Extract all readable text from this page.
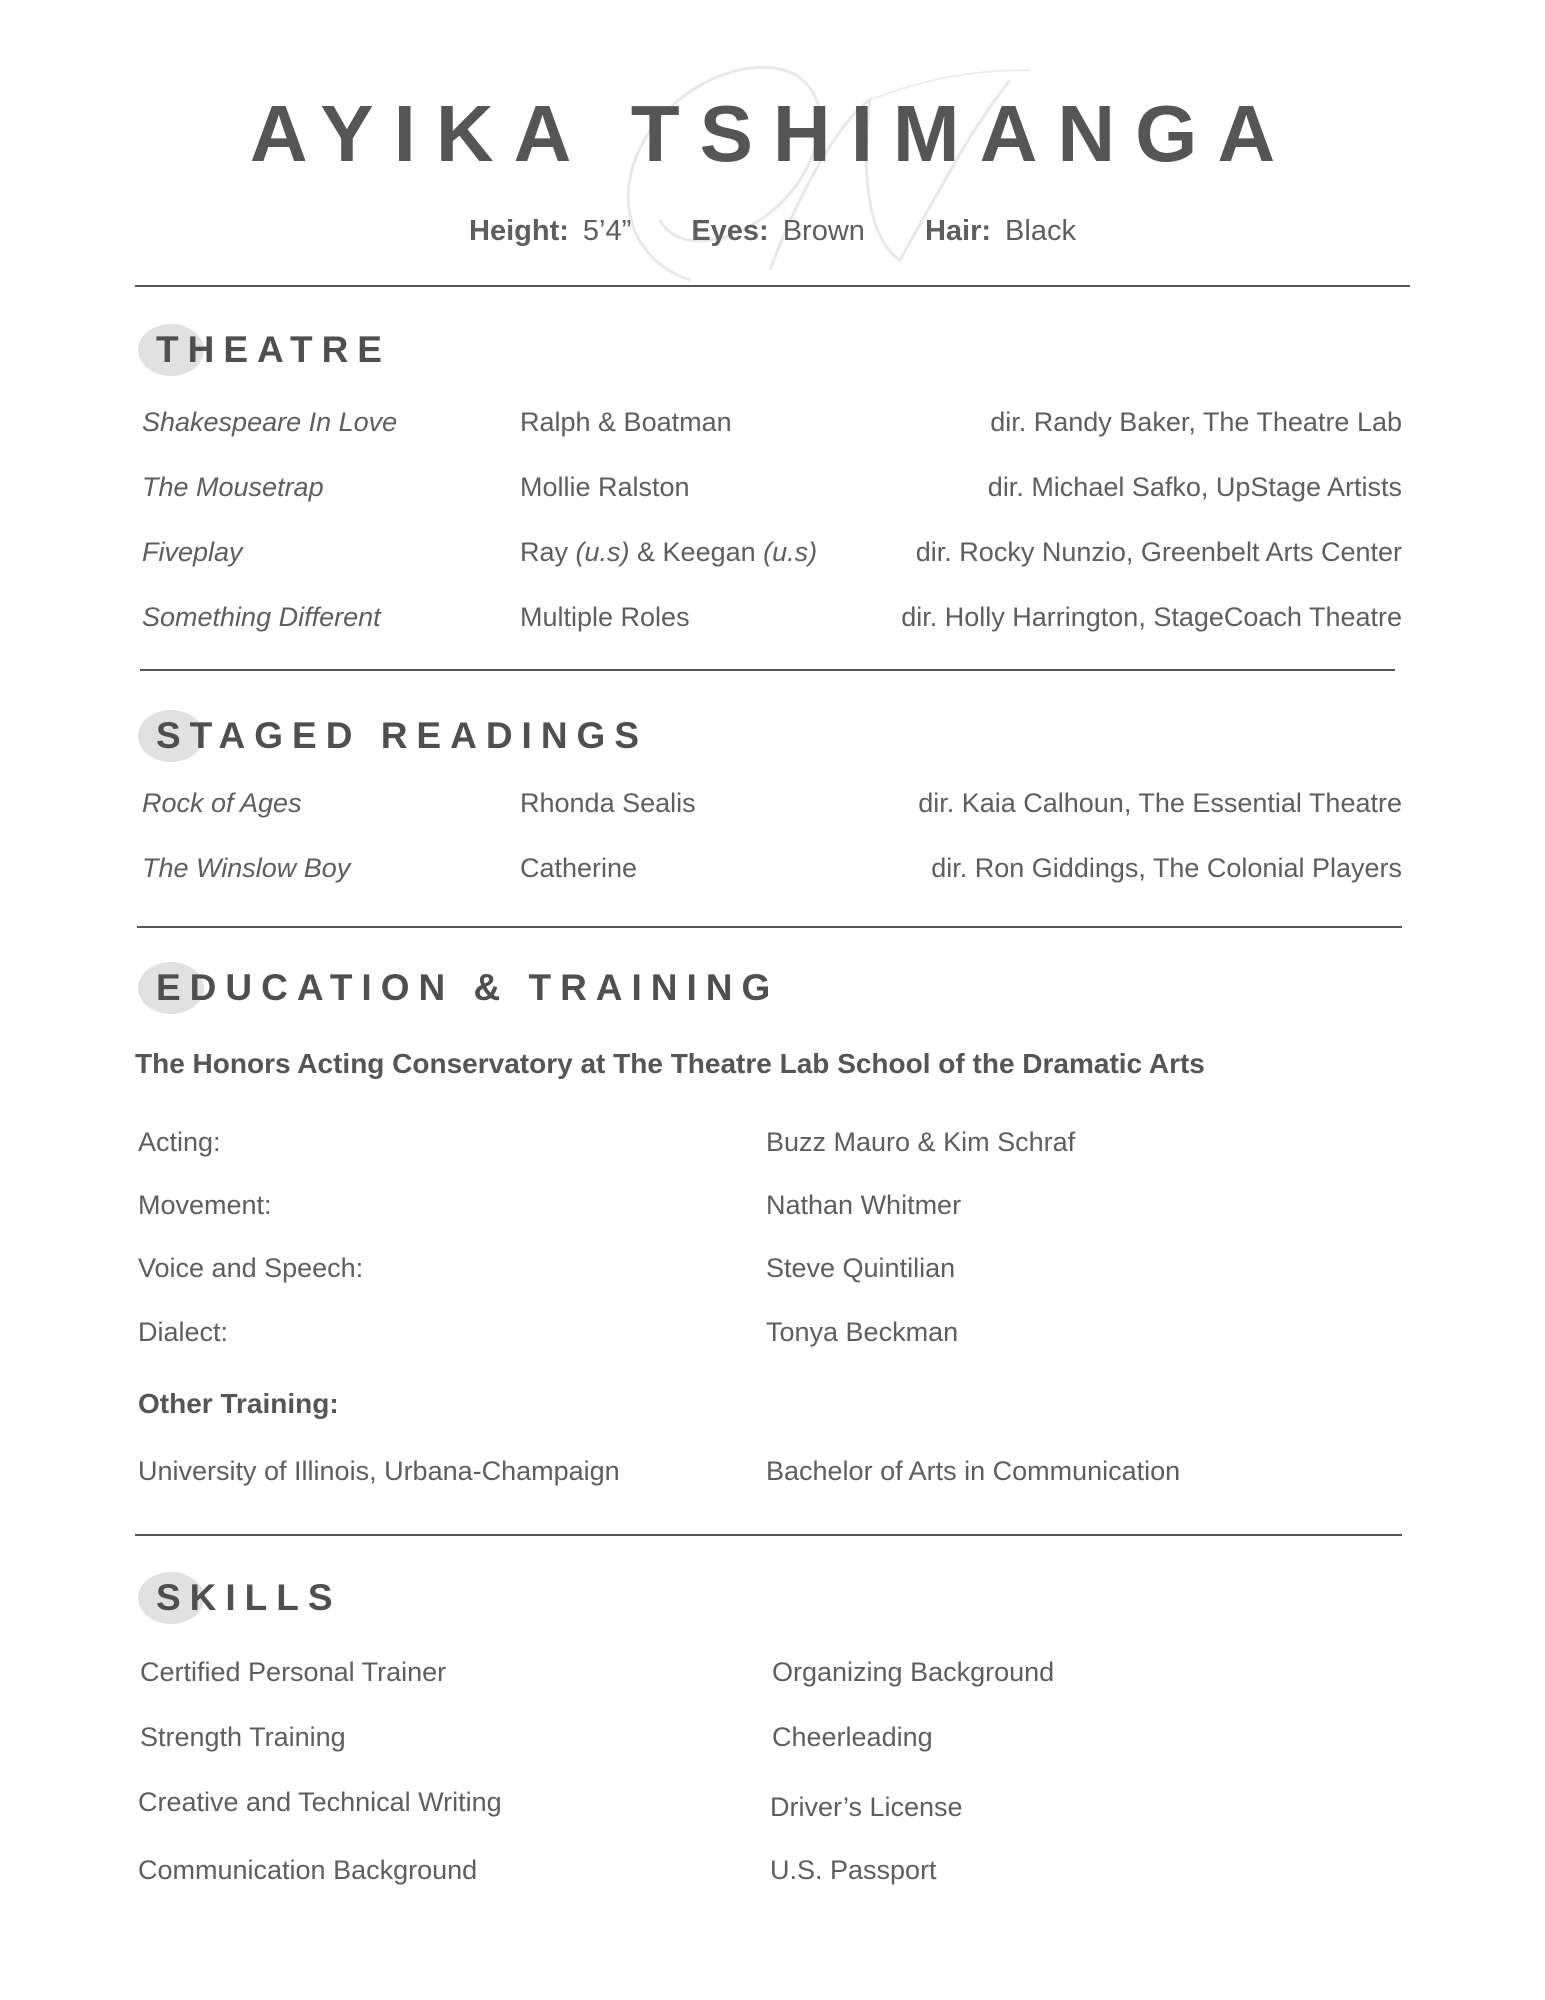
AYIKA TSHIMANGA
Height: 5’4” Eyes: Brown Hair: Black
THEATRE
Shakespeare In Love	Ralph & Boatman	dir. Randy Baker, The Theatre Lab
The Mousetrap	Mollie Ralston	dir. Michael Safko, UpStage Artists
Fiveplay	Ray (u.s) & Keegan (u.s)	dir. Rocky Nunzio, Greenbelt Arts Center
Something Different	Multiple Roles	dir. Holly Harrington, StageCoach Theatre
STAGED READINGS
Rock of Ages	Rhonda Sealis	dir. Kaia Calhoun, The Essential Theatre
The Winslow Boy	Catherine	dir. Ron Giddings, The Colonial Players
EDUCATION & TRAINING
The Honors Acting Conservatory at The Theatre Lab School of the Dramatic Arts
Acting:	Buzz Mauro & Kim Schraf
Movement:	Nathan Whitmer
Voice and Speech:	Steve Quintilian
Dialect:	Tonya Beckman
Other Training:
University of Illinois, Urbana-Champaign	Bachelor of Arts in Communication
SKILLS
Certified Personal Trainer	Organizing Background
Strength Training	Cheerleading
Creative and Technical Writing	Driver’s License
Communication Background	U.S. Passport
